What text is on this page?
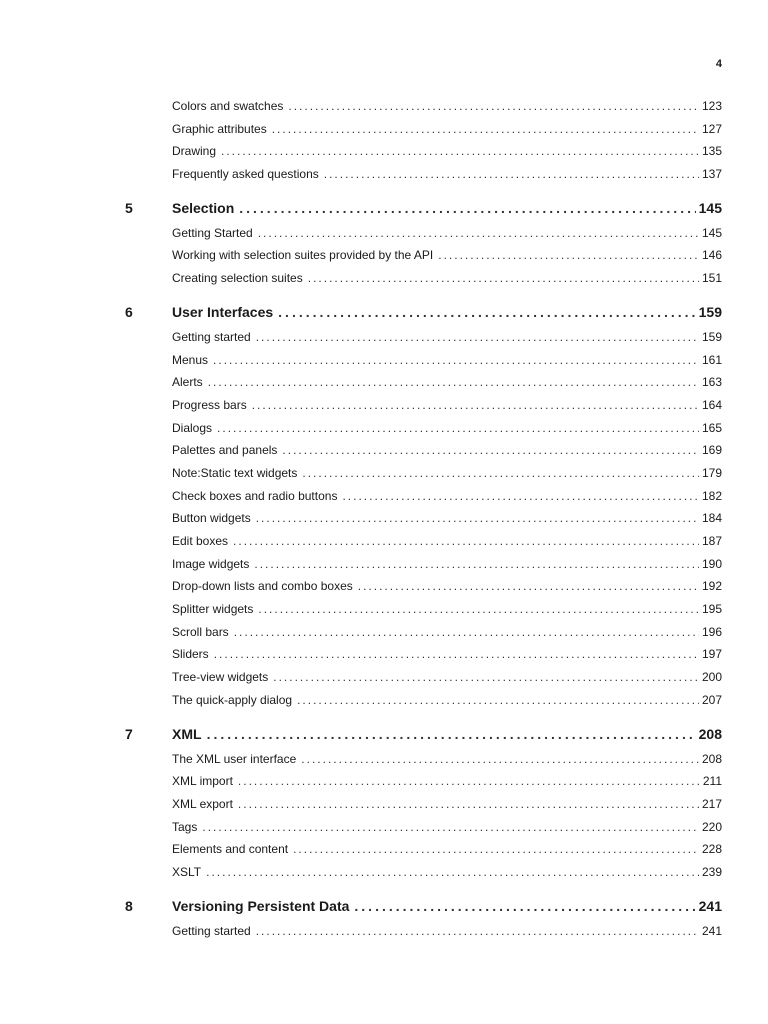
4
Colors and swatches .....	123
Graphic attributes .....	127
Drawing .....	135
Frequently asked questions .....	137
5	Selection .....	145
Getting Started .....	145
Working with selection suites provided by the API .....	146
Creating selection suites .....	151
6	User Interfaces .....	159
Getting started .....	159
Menus .....	161
Alerts .....	163
Progress bars .....	164
Dialogs .....	165
Palettes and panels .....	169
Note:Static text widgets .....	179
Check boxes and radio buttons .....	182
Button widgets .....	184
Edit boxes .....	187
Image widgets .....	190
Drop-down lists and combo boxes .....	192
Splitter widgets .....	195
Scroll bars .....	196
Sliders .....	197
Tree-view widgets .....	200
The quick-apply dialog .....	207
7	XML .....	208
The XML user interface .....	208
XML import .....	211
XML export .....	217
Tags .....	220
Elements and content .....	228
XSLT .....	239
8	Versioning Persistent Data .....	241
Getting started .....	241
